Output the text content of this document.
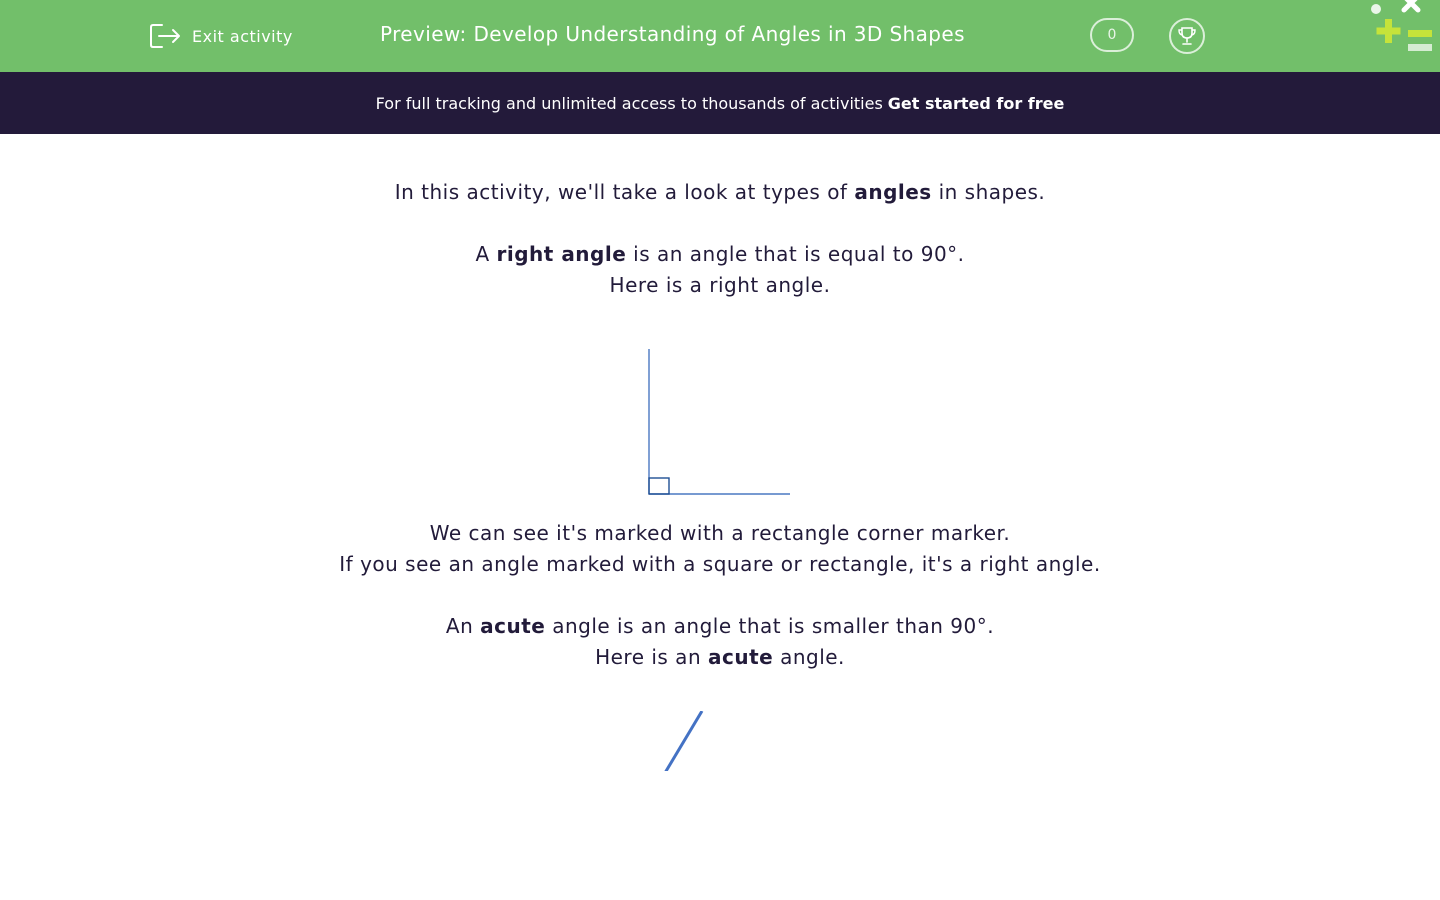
Exit activity	Preview: Develop Understanding of Angles in 3D Shapes	0
For full tracking and unlimited access to thousands of activities Get started for free
In this activity, we'll take a look at types of angles in shapes.
A right angle is an angle that is equal to 90°.
Here is a right angle.
We can see it's marked with a rectangle corner marker.
If you see an angle marked with a square or rectangle, it's a right angle.
An acute angle is an angle that is smaller than 90°.
Here is an acute angle.
